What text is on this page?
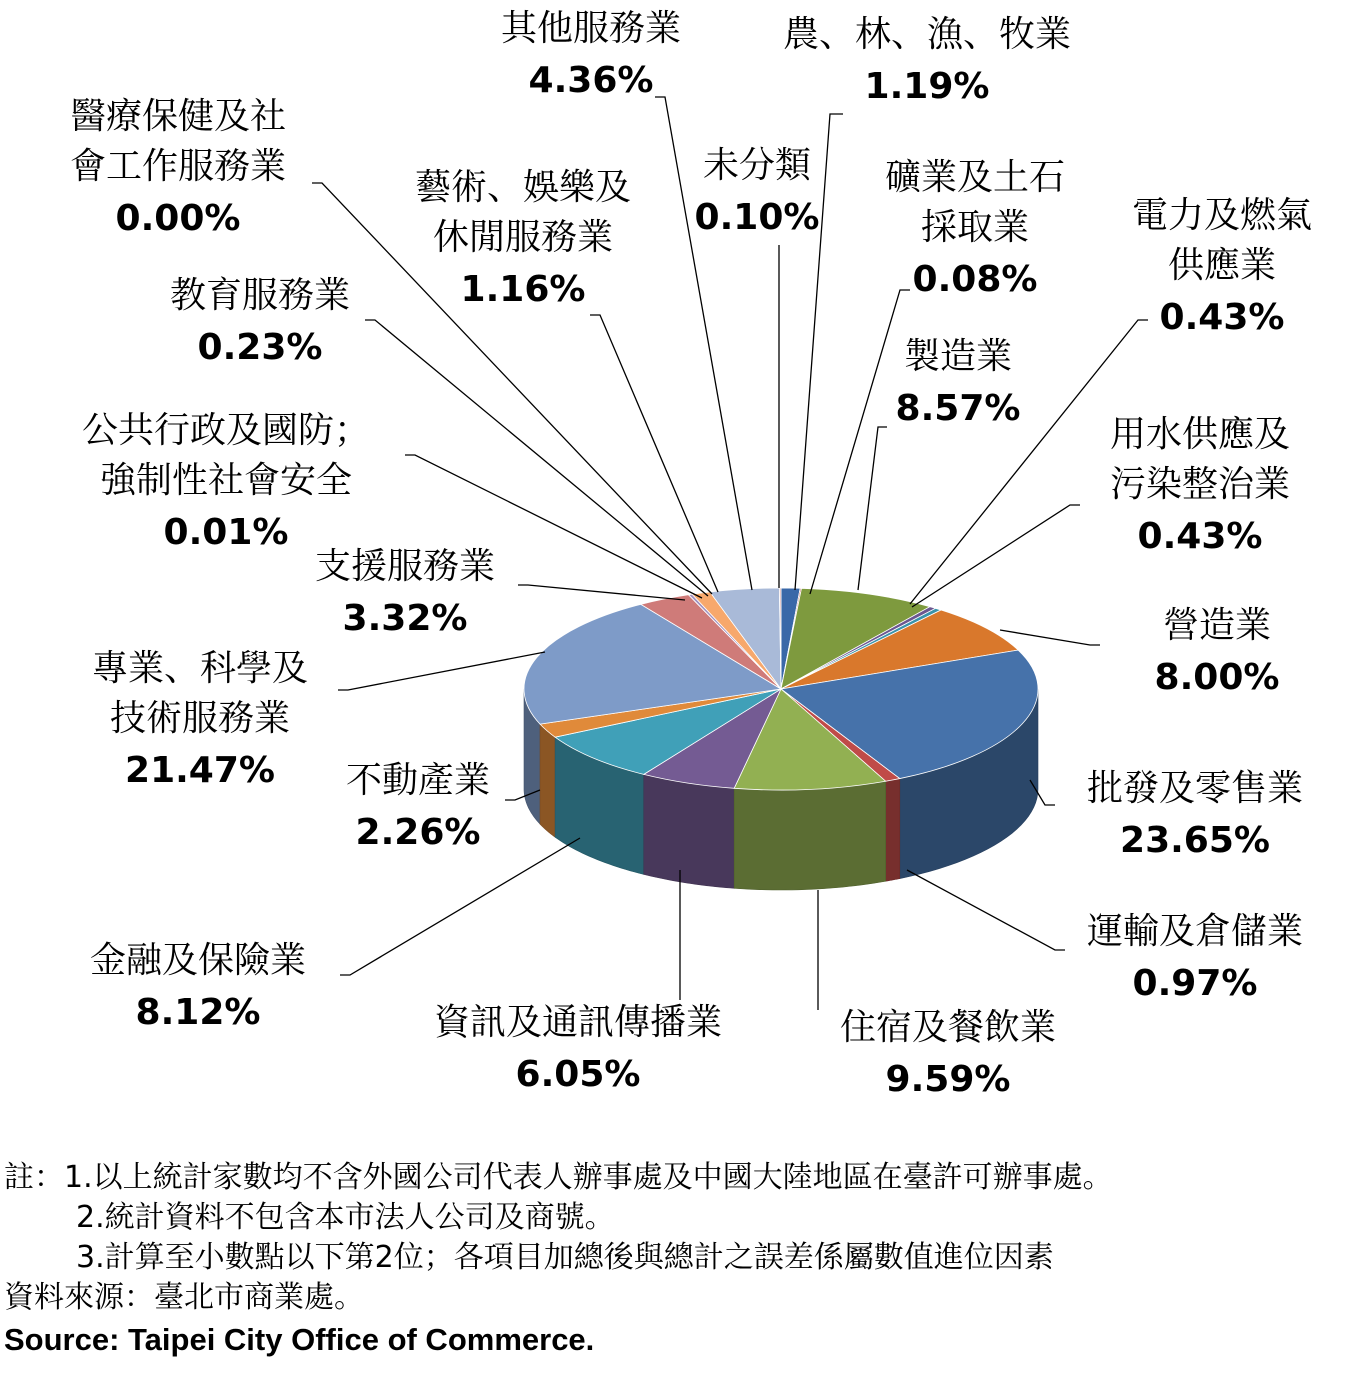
農、林、漁、牧業
1.19%
礦業及土石
採取業
0.08%
製造業
8.57%
電力及燃氣
供應業
0.43%
用水供應及
污染整治業
0.43%
營造業
8.00%
批發及零售業
23.65%
運輸及倉儲業
0.97%
住宿及餐飲業
9.59%
資訊及通訊傳播業
6.05%
金融及保險業
8.12%
不動產業
2.26%
專業、科學及
技術服務業
21.47%
支援服務業
3.32%
公共行政及國防；
強制性社會安全
0.01%
教育服務業
0.23%
醫療保健及社
會工作服務業
0.00%
藝術、娛樂及
休閒服務業
1.16%
其他服務業
4.36%
未分類
0.10%
註：1.以上統計家數均不含外國公司代表人辦事處及中國大陸地區在臺許可辦事處。
2.統計資料不包含本市法人公司及商號。
3.計算至小數點以下第2位；各項目加總後與總計之誤差係屬數值進位因素
資料來源：臺北市商業處。
Source: Taipei City Office of Commerce.
